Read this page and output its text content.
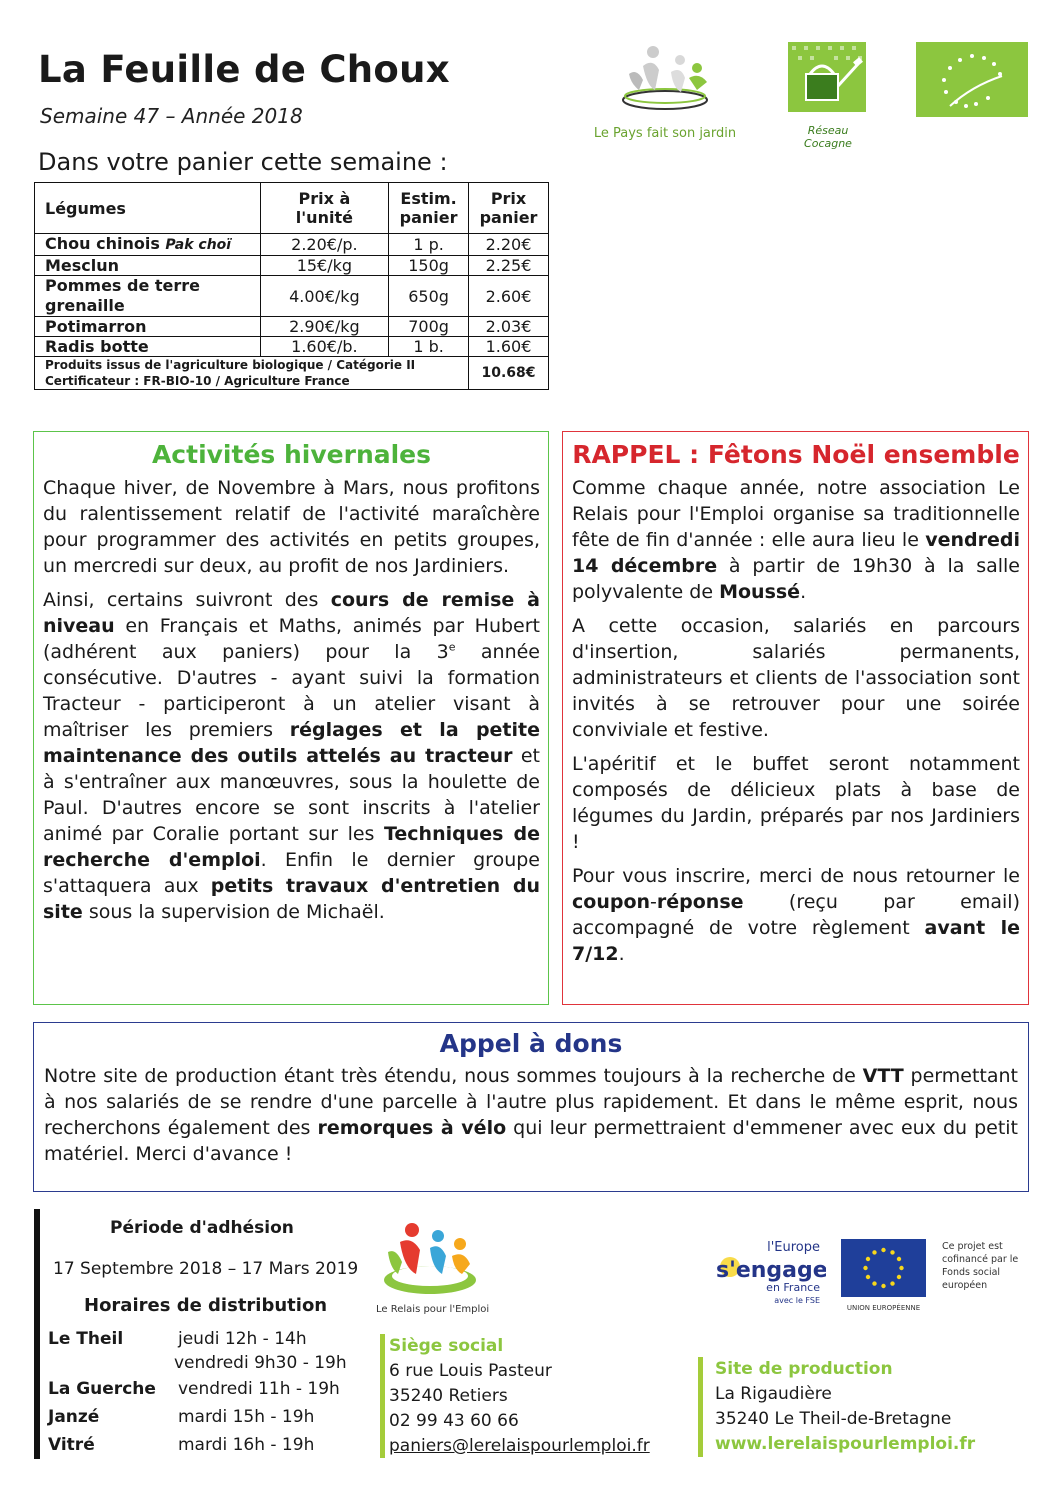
La Feuille de Choux
Semaine 47 – Année 2018
Dans votre panier cette semaine :
Le Pays fait son jardin	Réseau Cocagne
Légumes	Prix à l'unité	Estim. panier	Prix panier
Chou chinois Pak choï	2.20€/p.	1 p.	2.20€
Mesclun	15€/kg	150g	2.25€
Pommes de terre grenaille	4.00€/kg	650g	2.60€
Potimarron	2.90€/kg	700g	2.03€
Radis botte	1.60€/b.	1 b.	1.60€

Produits issus de l'agriculture biologique / Catégorie II
Certificateur : FR-BIO-10 / Agriculture France			10.68€
Activités hivernales

Chaque hiver, de Novembre à Mars, nous profitons du ralentissement relatif de l'activité maraîchère pour programmer des activités en petits groupes, un mercredi sur deux, au profit de nos Jardiniers.

Ainsi, certains suivront des cours de remise à niveau en Français et Maths, animés par Hubert (adhérent aux paniers) pour la 3e année consécutive. D'autres - ayant suivi la formation Tracteur - participeront à un atelier visant à maîtriser les premiers réglages et la petite maintenance des outils attelés au tracteur et à s'entraîner aux manœuvres, sous la houlette de Paul. D'autres encore se sont inscrits à l'atelier animé par Coralie portant sur les Techniques de recherche d'emploi. Enfin le dernier groupe s'attaquera aux petits travaux d'entretien du site sous la supervision de Michaël.

RAPPEL : Fêtons Noël ensemble

Comme chaque année, notre association Le Relais pour l'Emploi organise sa traditionnelle fête de fin d'année : elle aura lieu le vendredi 14 décembre à partir de 19h30 à la salle polyvalente de Moussé.

A cette occasion, salariés en parcours d'insertion, salariés permanents, administrateurs et clients de l'association sont invités à se retrouver pour une soirée conviviale et festive.

L'apéritif et le buffet seront notamment composés de délicieux plats à base de légumes du Jardin, préparés par nos Jardiniers !

Pour vous inscrire, merci de nous retourner le coupon-réponse (reçu par email) accompagné de votre règlement avant le 7/12.

Appel à dons

Notre site de production étant très étendu, nous sommes toujours à la recherche de VTT permettant à nos salariés de se rendre d'une parcelle à l'autre plus rapidement. Et dans le même esprit, nous recherchons également des remorques à vélo qui leur permettraient d'emmener avec eux du petit matériel. Merci d'avance !

Période d'adhésion
17 Septembre 2018 – 17 Mars 2019
Horaires de distribution
Le Theil	jeudi 12h - 14h
vendredi 9h30 - 19h
La Guerche vendredi 11h - 19h
Janzé	mardi 15h - 19h
Vitré	mardi 16h - 19h
Le Relais pour l'Emploi
l'Europe
s'engage
en France
avec le FSE
UNION EUROPÉENNE
Ce projet est cofinancé par le Fonds social européen
Siège social
6 rue Louis Pasteur
35240 Retiers
02 99 43 60 66
paniers@lerelaispourlemploi.fr
Site de production
La Rigaudière
35240 Le Theil-de-Bretagne
www.lerelaispourlemploi.fr
